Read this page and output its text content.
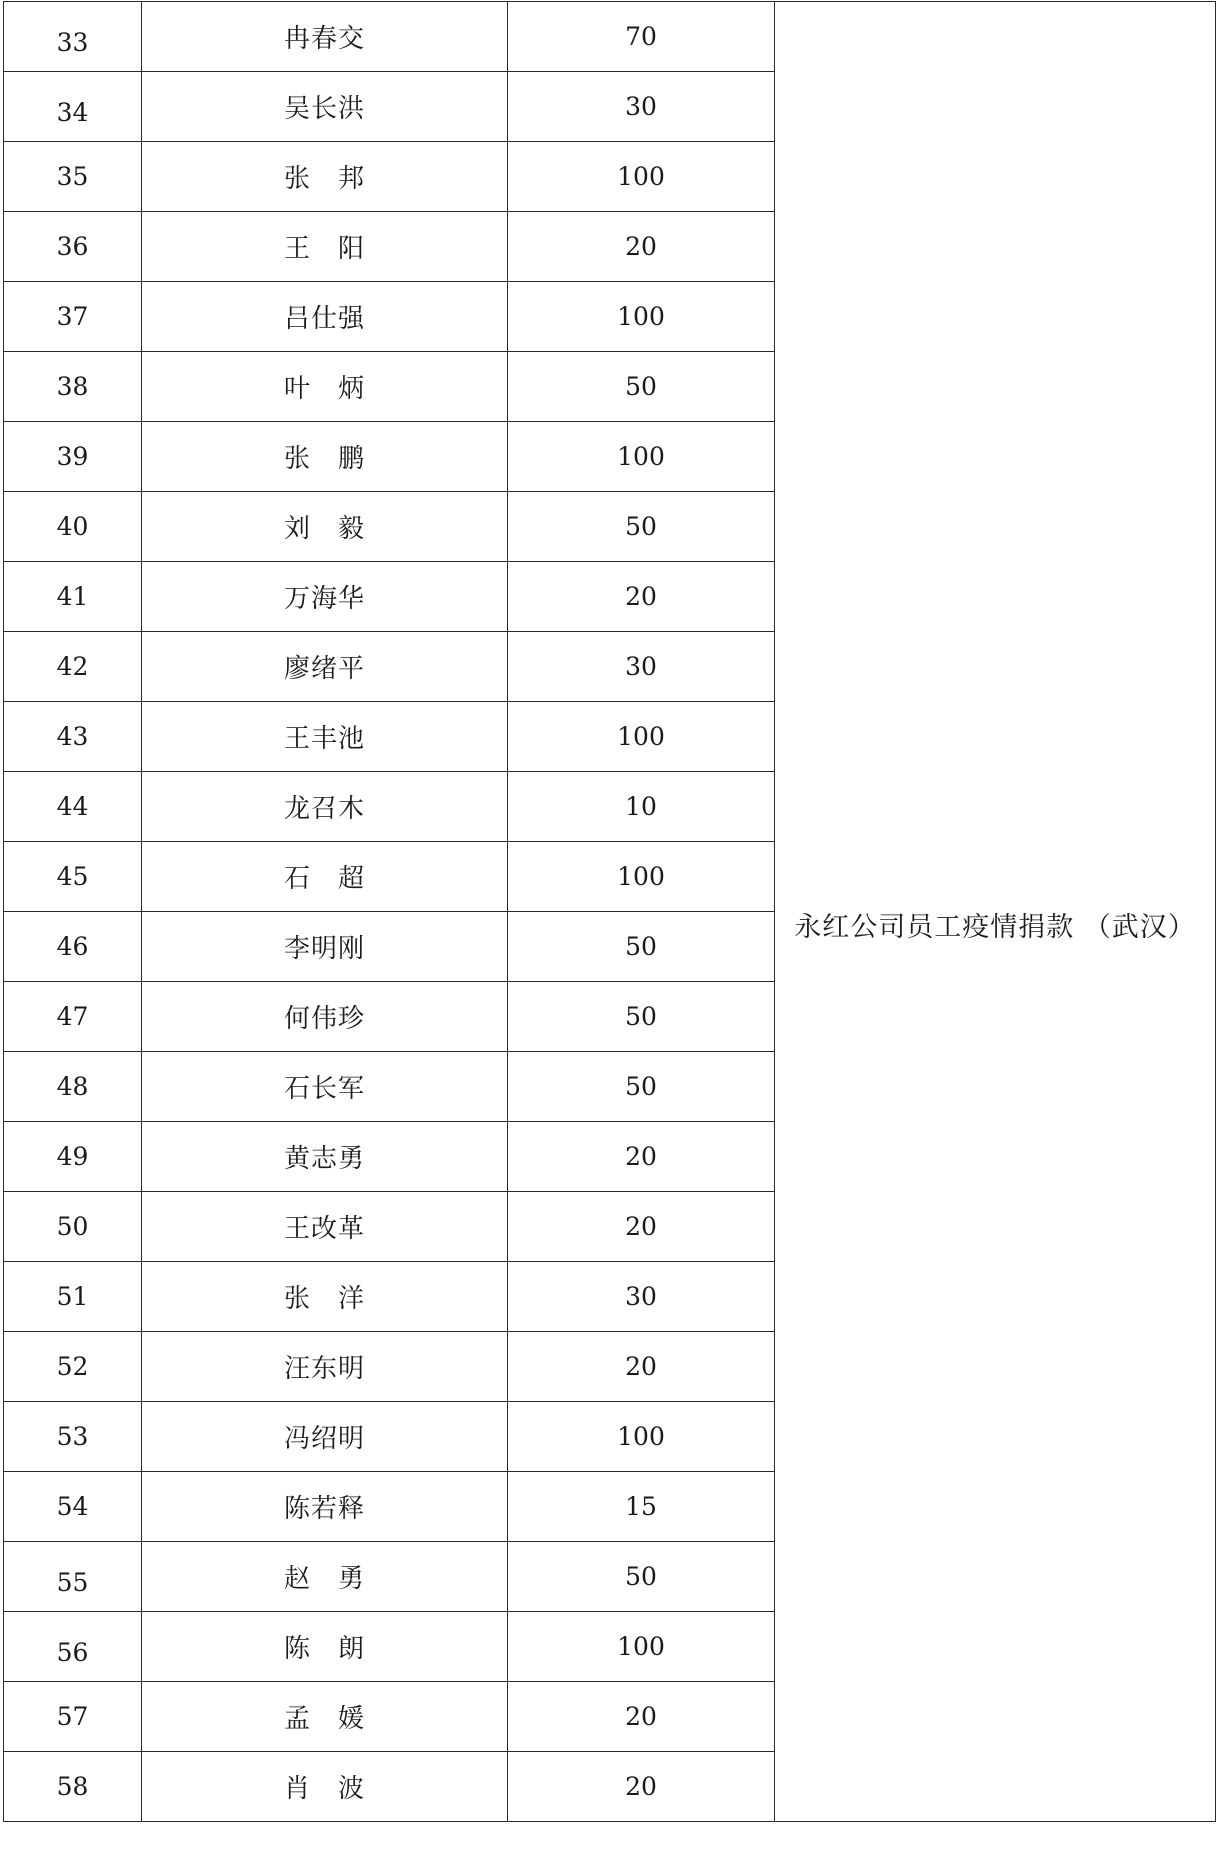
33	冉春交	70	永红公司员工疫情捐款 （武汉）

34	吴长洪	30	

35	张　邦	100	

36	王　阳	20	

37	吕仕强	100	

38	叶　炳	50	

39	张　鹏	100	

40	刘　毅	50	

41	万海华	20	

42	廖绪平	30	

43	王丰池	100	

44	龙召木	10	

45	石　超	100	

46	李明刚	50	

47	何伟珍	50	

48	石长军	50	

49	黄志勇	20	

50	王改革	20	

51	张　洋	30	

52	汪东明	20	

53	冯绍明	100	

54	陈若释	15	

55	赵　勇	50	

56	陈　朗	100	

57	孟　媛	20	

58	肖　波	20	
